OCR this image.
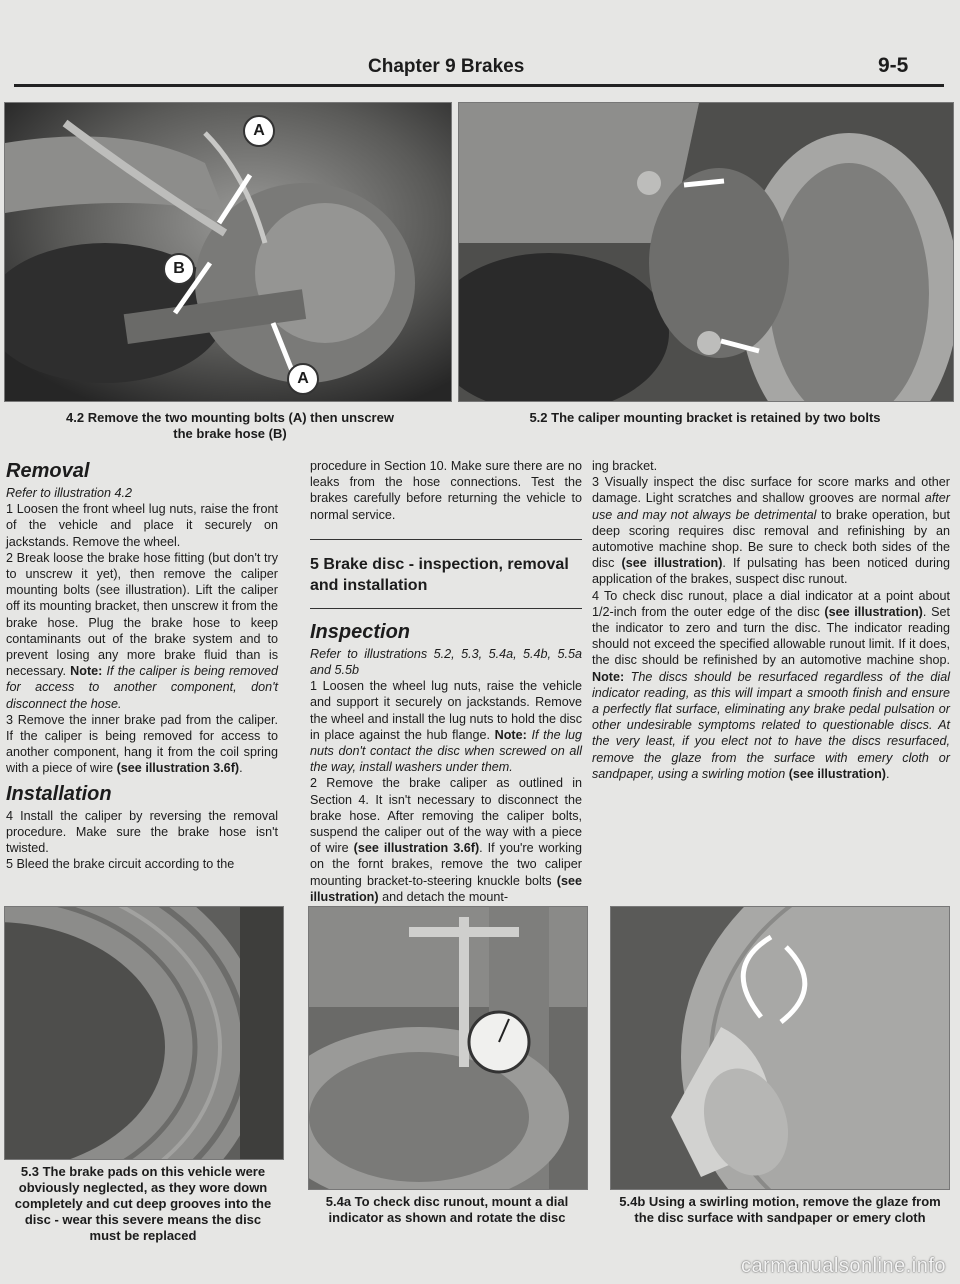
Chapter 9 Brakes	9-5
A
B
A
4.2 Remove the two mounting bolts (A) then unscrew
the brake hose (B)
5.2 The caliper mounting bracket is retained by two bolts
Removal

Refer to illustration 4.2

1 Loosen the front wheel lug nuts, raise the front of the vehicle and place it securely on jackstands. Remove the wheel.

2 Break loose the brake hose fitting (but don't try to unscrew it yet), then remove the caliper mounting bolts (see illustration). Lift the caliper off its mounting bracket, then unscrew it from the brake hose. Plug the brake hose to keep contaminants out of the brake system and to prevent losing any more brake fluid than is necessary. Note: If the caliper is being removed for access to another component, don't disconnect the hose.

3 Remove the inner brake pad from the caliper. If the caliper is being removed for access to another component, hang it from the coil spring with a piece of wire (see illustration 3.6f).

Installation

4 Install the caliper by reversing the removal procedure. Make sure the brake hose isn't twisted.

5 Bleed the brake circuit according to the

procedure in Section 10. Make sure there are no leaks from the hose connections. Test the brakes carefully before returning the vehicle to normal service.

5 Brake disc - inspection, removal and installation
Inspection

Refer to illustrations 5.2, 5.3, 5.4a, 5.4b, 5.5a and 5.5b

1 Loosen the wheel lug nuts, raise the vehicle and support it securely on jackstands. Remove the wheel and install the lug nuts to hold the disc in place against the hub flange. Note: If the lug nuts don't contact the disc when screwed on all the way, install washers under them.

2 Remove the brake caliper as outlined in Section 4. It isn't necessary to disconnect the brake hose. After removing the caliper bolts, suspend the caliper out of the way with a piece of wire (see illustration 3.6f). If you're working on the fornt brakes, remove the two caliper mounting bracket-to-steering knuckle bolts (see illustration) and detach the mount-

ing bracket.

3 Visually inspect the disc surface for score marks and other damage. Light scratches and shallow grooves are normal after use and may not always be detrimental to brake operation, but deep scoring requires disc removal and refinishing by an automotive machine shop. Be sure to check both sides of the disc (see illustration). If pulsating has been noticed during application of the brakes, suspect disc runout.

4 To check disc runout, place a dial indicator at a point about 1/2-inch from the outer edge of the disc (see illustration). Set the indicator to zero and turn the disc. The indicator reading should not exceed the specified allowable runout limit. If it does, the disc should be refinished by an automotive machine shop. Note: The discs should be resurfaced regardless of the dial indicator reading, as this will impart a smooth finish and ensure a perfectly flat surface, eliminating any brake pedal pulsation or other undesirable symptoms related to questionable discs. At the very least, if you elect not to have the discs resurfaced, remove the glaze from the surface with emery cloth or sandpaper, using a swirling motion (see illustration).

5.3 The brake pads on this vehicle were obviously neglected, as they wore down completely and cut deep grooves into the disc - wear this severe means the disc must be replaced
5.4a To check disc runout, mount a dial indicator as shown and rotate the disc
5.4b Using a swirling motion, remove the glaze from the disc surface with sandpaper or emery cloth
carmanualsonline.info
